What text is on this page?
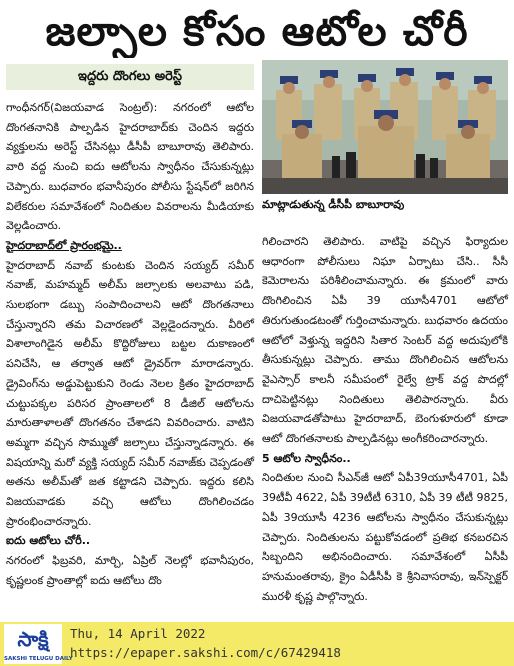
జల్సాల కోసం ఆటోల చోరీ
ఇద్దరు దొంగలు అరెస్ట్
మాట్లాడుతున్న డీసీపీ బాబూరావు

గాంధీనగర్(విజయవాడ సెంట్రల్): నగరంలో ఆటోల దొంగతనానికి పాల్పడిన హైదరాబాద్‌కు చెందిన ఇద్దరు వ్యక్తులను అరెస్ట్ చేసినట్లు డీసీపీ బాబూరావు తెలిపారు. వారి వద్ద నుంచి ఐదు ఆటోలను స్వాధీనం చేసుకున్నట్లు చెప్పారు. బుధవారం భవానీపురం పోలీసు స్టేషన్‌లో జరిగిన విలేకరుల సమావేశంలో నిందితుల వివరాలను మీడియాకు వెల్లడించారు.

హైదరాబాద్‌లో ప్రారంభమై..

హైదరాబాద్ నవాబ్ కుంటకు చెందిన సయ్యద్ సమీర్ నవాజ్, మహమ్మద్ అలీమ్ జల్సాలకు అలవాటు పడి, సులభంగా డబ్బు సంపాదించాలని ఆటో దొంగతనాలు చేస్తున్నారని తమ విచారణలో వెల్లడైందన్నారు. వీరిలో విశాలాంగిడైన అలీమ్ కొద్దిరోజులు బట్టల దుకాణంలో పనిచేసి, ఆ తర్వాత ఆటో డ్రైవర్‌గా మారాడన్నారు. డ్రైవింగ్‌ను అడ్డుపెట్టుకుని రెండు నెలల క్రితం హైదరాబాద్ చుట్టుపక్కల పరిసర ప్రాంతాలలో 8 డీజిల్ ఆటోలను మారుతాళాలతో దొంగతనం చేశాడని వివరించారు. వాటిని అమ్మగా వచ్చిన సొమ్ముతో జల్సాలు చేస్తున్నాడన్నారు. ఈ విషయాన్ని మరో వ్యక్తి సయ్యద్ సమీర్ నవాజ్‌కు చెప్పడంతో అతను అలీమ్‌తో జత కట్టాడని చెప్పారు. ఇద్దరు కలిసి విజయవాడకు వచ్చి ఆటోలు దొంగిలించడం ప్రారంభించారన్నారు.

ఐదు ఆటోలు చోరీ..

నగరంలో ఫిబ్రవరి, మార్చి, ఏప్రిల్ నెలల్లో భవానీపురం, కృష్ణలంక ప్రాంతాల్లో ఐదు ఆటోలు దొం

గిలించారని తెలిపారు. వాటిపై వచ్చిన ఫిర్యాదుల ఆధారంగా పోలీసులు నిఘా ఏర్పాటు చేసి.. సీసీ కెమెరాలను పరిశీలించామన్నారు. ఈ క్రమంలో వారు దొంగిలించిన ఏపీ 39 యూసీ4701 ఆటోలో తిరుగుతుండటంతో గుర్తించామన్నారు. బుధవారం ఉదయం ఆటోలో వెళ్తున్న ఇద్దరిని సితార సెంటర్ వద్ద అదుపులోకి తీసుకున్నట్లు చెప్పారు. తాము దొంగిలించిన ఆటోలను వైఎస్సార్ కాలనీ సమీపంలో రైల్వే ట్రాక్ వద్ద పొదల్లో దాచిపెట్టినట్లు నిందితులు తెలిపారన్నారు. వీరు విజయవాడతోపాటు హైదరాబాద్, బెంగుళూరులో కూడా ఆటో దొంగతనాలకు పాల్పడినట్లు అంగీకరించారన్నారు.

5 ఆటోల స్వాధీనం..

నిందితుల నుంచి సీఎన్‌జీ ఆటో ఏపీ39యూసీ4701, ఏపీ 39టీవీ 4622, ఏపీ 39టీటీ 6310, ఏపీ 39 టీటీ 9825, ఏపీ 39యూసీ 4236 ఆటోలను స్వాధీనం చేసుకున్నట్లు చెప్పారు. నిందితులను పట్టుకోవడంలో ప్రతిభ కనబరచిన సిబ్బందిని అభినందించారు. సమావేశంలో ఏసీపీ హనుమంతరావు, క్రైం ఏడీసీపీ కె శ్రీనివాసరావు, ఇన్‌స్పెక్టర్ మురళీ కృష్ణ పాల్గొన్నారు.

సాక్షి
SAKSHI TELUGU DAILY
Thu, 14 April 2022
https://epaper.sakshi.com/c/67429418
